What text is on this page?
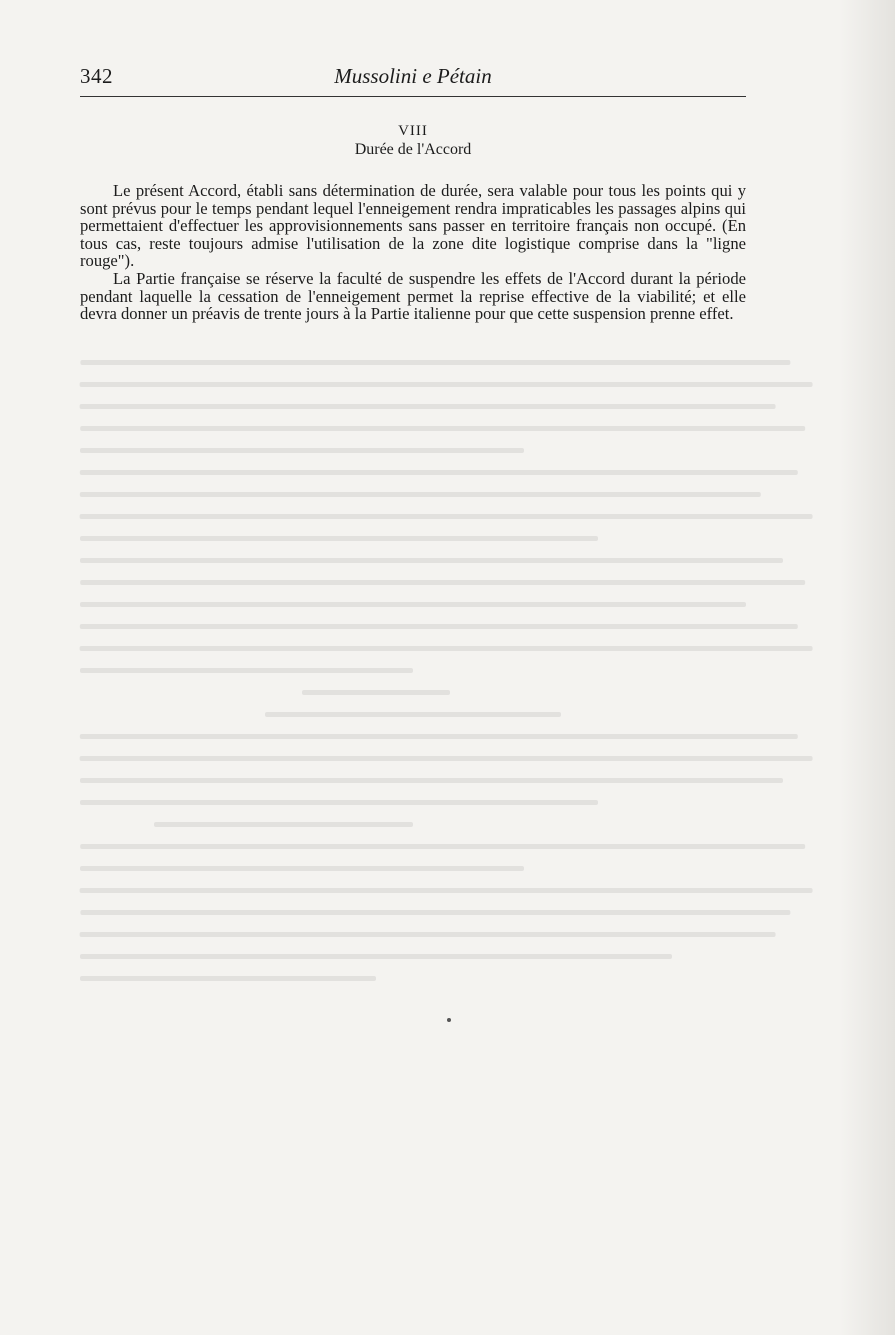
342	Mussolini e Pétain
VIII
Durée de l'Accord

Le présent Accord, établi sans détermination de durée, sera valable pour tous les points qui y sont prévus pour le temps pendant lequel l'enneigement rendra impraticables les passages alpins qui permettaient d'effectuer les approvisionnements sans passer en territoire français non occupé. (En tous cas, reste toujours admise l'utilisation de la zone dite logistique comprise dans la "ligne rouge").

La Partie française se réserve la faculté de suspendre les effets de l'Accord durant la période pendant laquelle la cessation de l'enneigement permet la reprise effective de la viabilité; et elle devra donner un préavis de trente jours à la Partie italienne pour que cette suspension prenne effet.
